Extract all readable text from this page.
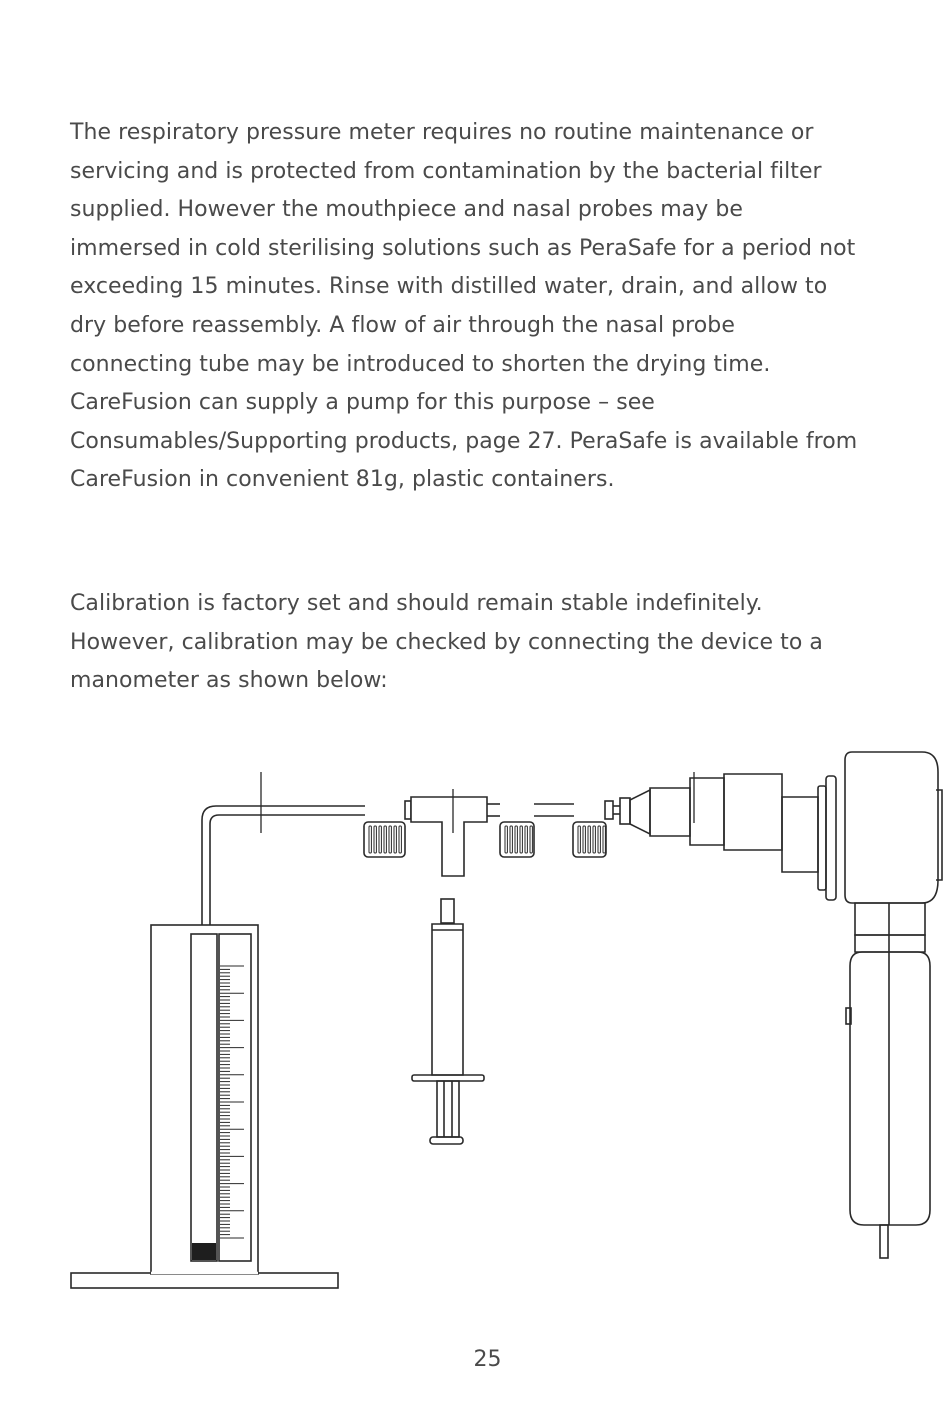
The respiratory pressure meter requires no routine maintenance or
servicing and is protected from contamination by the bacterial filter
supplied. However the mouthpiece and nasal probes may be
immersed in cold sterilising solutions such as PeraSafe for a period not
exceeding 15 minutes. Rinse with distilled water, drain, and allow to
dry before reassembly. A flow of air through the nasal probe
connecting tube may be introduced to shorten the drying time.
CareFusion can supply a pump for this purpose – see
Consumables/Supporting products, page 27. PeraSafe is available from
CareFusion in convenient 81g, plastic containers.
Calibration is factory set and should remain stable indefinitely.
However, calibration may be checked by connecting the device to a
manometer as shown below:
25
